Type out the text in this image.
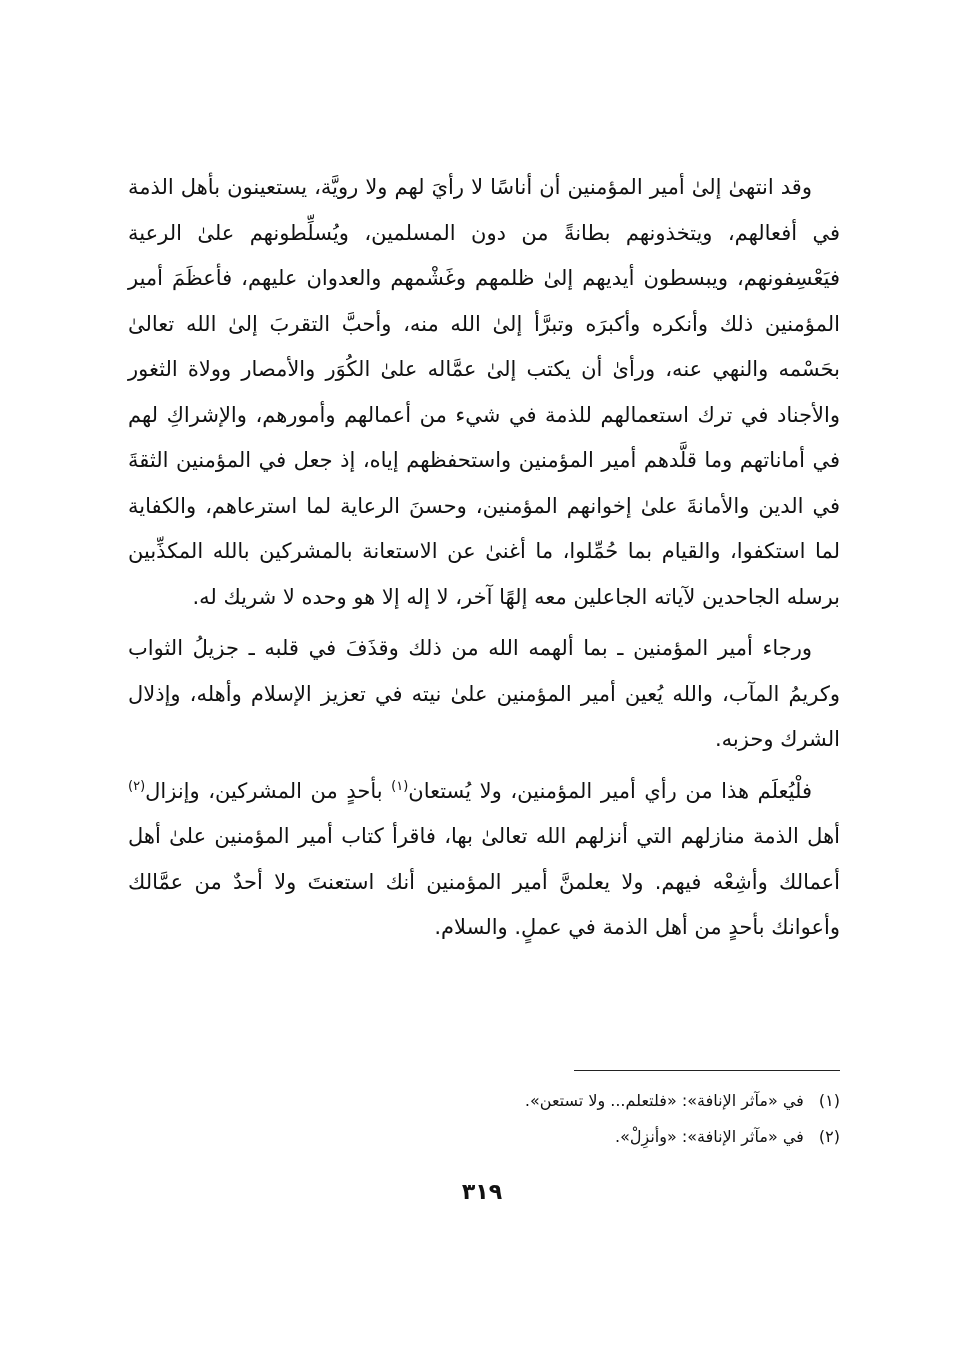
وقد انتهىٰ إلىٰ أمير المؤمنين أن أناسًا لا رأيَ لهم ولا رويَّة، يستعينون بأهل الذمة في أفعالهم، ويتخذونهم بطانةً من دون المسلمين، ويُسلِّطونهم علىٰ الرعية فيَعْسِفونهم، ويبسطون أيديهم إلىٰ ظلمهم وغَشْمهم والعدوان عليهم، فأعظَمَ أمير المؤمنين ذلك وأنكره وأكبرَه وتبرَّأ إلىٰ الله منه، وأحبَّ التقربَ إلىٰ الله تعالىٰ بحَسْمه والنهي عنه، ورأىٰ أن يكتب إلىٰ عمَّاله علىٰ الكُوَر والأمصار وولاة الثغور والأجناد في ترك استعمالهم للذمة في شيء من أعمالهم وأمورهم، والإشراكِ لهم في أماناتهم وما قلَّدهم أمير المؤمنين واستحفظهم إياه، إذ جعل في المؤمنين الثقةَ في الدين والأمانةَ علىٰ إخوانهم المؤمنين، وحسنَ الرعاية لما استرعاهم، والكفاية لما استكفوا، والقيام بما حُمِّلوا، ما أغنىٰ عن الاستعانة بالمشركين بالله المكذِّبين برسله الجاحدين لآياته الجاعلين معه إلهًا آخر، لا إله إلا هو وحده لا شريك له.

ورجاء أمير المؤمنين ـ بما ألهمه الله من ذلك وقذَفَ في قلبه ـ جزيلُ الثواب وكريمُ المآب، والله يُعين أمير المؤمنين علىٰ نيته في تعزيز الإسلام وأهله، وإذلال الشرك وحزبه.

فلْيُعلَم هذا من رأي أمير المؤمنين، ولا يُستعان$^{(١)}$ بأحدٍ من المشركين، وإنزال$^{(٢)}$ أهل الذمة منازلهم التي أنزلهم الله تعالىٰ بها، فاقرأ كتاب أمير المؤمنين علىٰ أهل أعمالك وأشِعْه فيهم. ولا يعلمنَّ أمير المؤمنين أنك استعنتَ ولا أحدٌ من عمَّالك وأعوانك بأحدٍ من أهل الذمة في عملٍ. والسلام.

(١) في «مآثر الإنافة»: «فلتعلم... ولا تستعن».
(٢) في «مآثر الإنافة»: «وأنزِلْ».
٣١٩
